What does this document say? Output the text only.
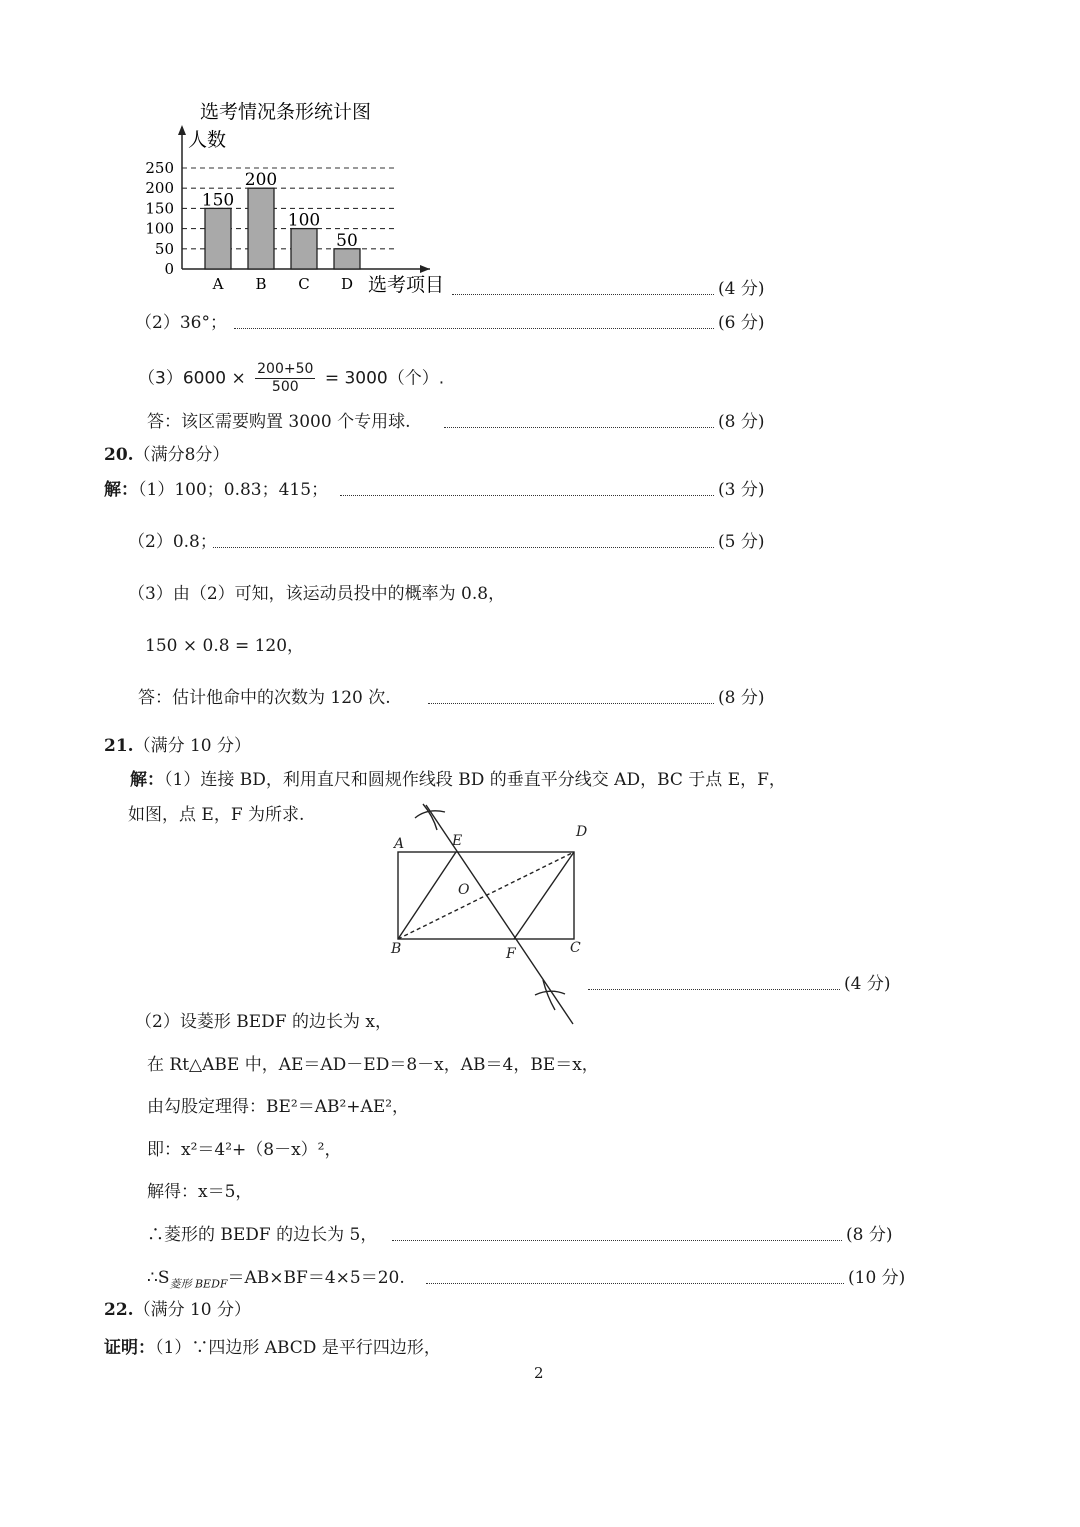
选考情况条形统计图
人数
0
50
100
150
200
250
150
A
200
B
100
C
50
D 选考项目	(4 分)
（2）36°；	(6 分)
$(3)6000 \times \frac{200+50}{500} = 3000$（个）.
答：该区需要购置 3000 个专用球.	(8 分)
20.（满分8分）
解：（1）100；0.83；415；	(3 分)
（2）0.8；	(5 分)
（3）由（2）可知，该运动员投中的概率为 0.8，
150 × 0.8 = 120，
答：估计他命中的次数为 120 次.	(8 分)
21.（满分 10 分）
解：（1）连接 BD，利用直尺和圆规作线段 BD 的垂直平分线交 AD，BC 于点 E，F，
如图，点 E，F 为所求.
A	E
D
O
B	F	C
(4 分)
（2）设菱形 BEDF 的边长为 x，
在 Rt△ABE 中，AE＝AD－ED＝8－x，AB＝4，BE＝x，
由勾股定理得：BE²＝AB²+AE²，
即：x²＝4²+（8－x）²，
解得：x＝5，
∴菱形的 BEDF 的边长为 5，	(8 分)
$\therefore S_{菱形 BEDF}=AB\times BF=4\times 5=20$.	(10 分)
22.（满分 10 分）
证明：（1）∵四边形 ABCD 是平行四边形，
2
